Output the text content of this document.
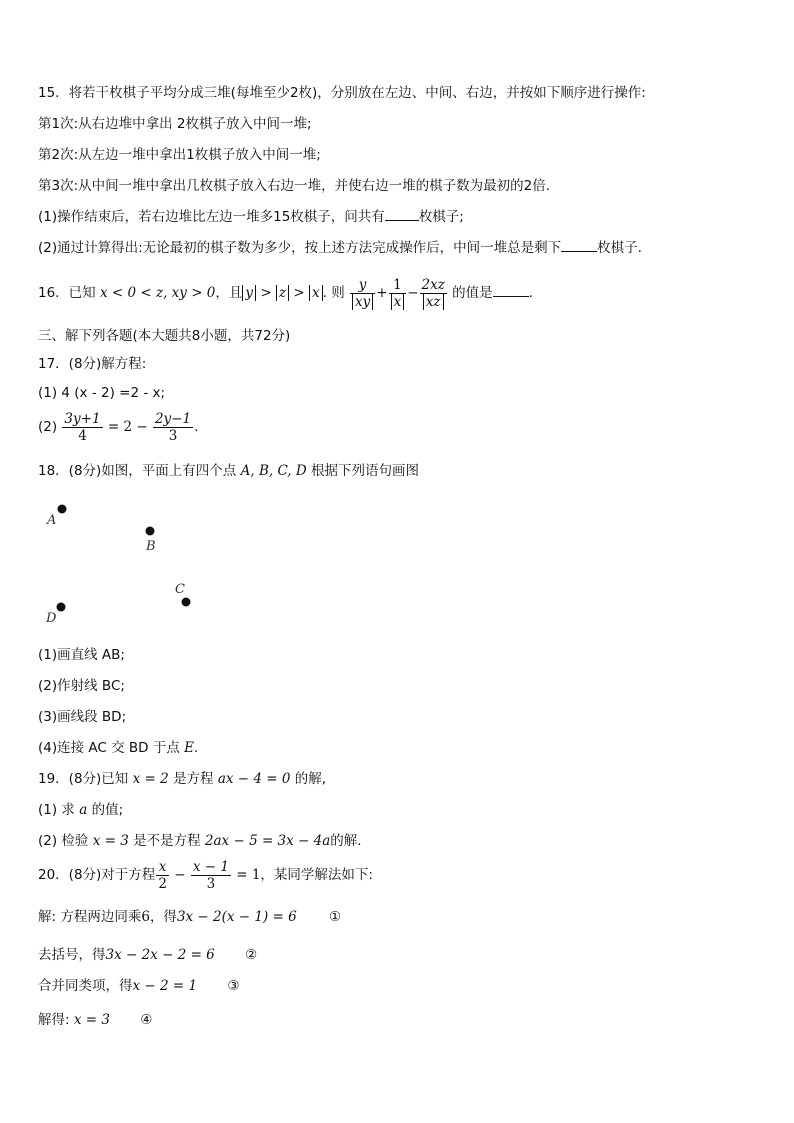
15．将若干枚棋子平均分成三堆(每堆至少2枚)，分别放在左边、中间、右边，并按如下顺序进行操作:
第1次:从右边堆中拿出 2枚棋子放入中间一堆;
第2次:从左边一堆中拿出1枚棋子放入中间一堆;
第3次:从中间一堆中拿出几枚棋子放入右边一堆，并使右边一堆的棋子数为最初的2倍.
(1)操作结束后，若右边堆比左边一堆多15枚棋子，问共有	枚棋子;
(2)通过计算得出:无论最初的棋子数为多少，按上述方法完成操作后，中间一堆总是剩下	枚棋子.
16．已知 x < 0 < z, xy > 0，且 y > z > x . 则 $\frac{y}{xy} + \frac{1}{x} - \frac{2xz}{xz}$ 的值是	.
三、解下列各题(本大题共8小题，共72分)
17．(8分)解方程:
(1) 4 (x - 2) =2 - x;
$(2) \frac{3y+1}{4} = 2 - \frac{2y-1}{3}$ .
18．(8分)如图，平面上有四个点 A, B, C, D 根据下列语句画图
A
B
C
D
(1)画直线 AB;
(2)作射线 BC;
(3)画线段 BD;
(4)连接 AC 交 BD 于点 E.
19．(8分)已知 x = 2 是方程 ax − 4 = 0 的解,
(1) 求 a 的值;
(2) 检验 x = 3 是不是方程 2ax − 5 = 3x − 4a的解.
20．(8分)对于方程 $\frac{x}{2} - \frac{x - 1}{3} = 1$，某同学解法如下:
解: 方程两边同乘6，得3x − 2(x − 1) = 6 ①
去括号，得3x − 2x − 2 = 6 ②
合并同类项，得x − 2 = 1 ③
解得: x = 3 ④
